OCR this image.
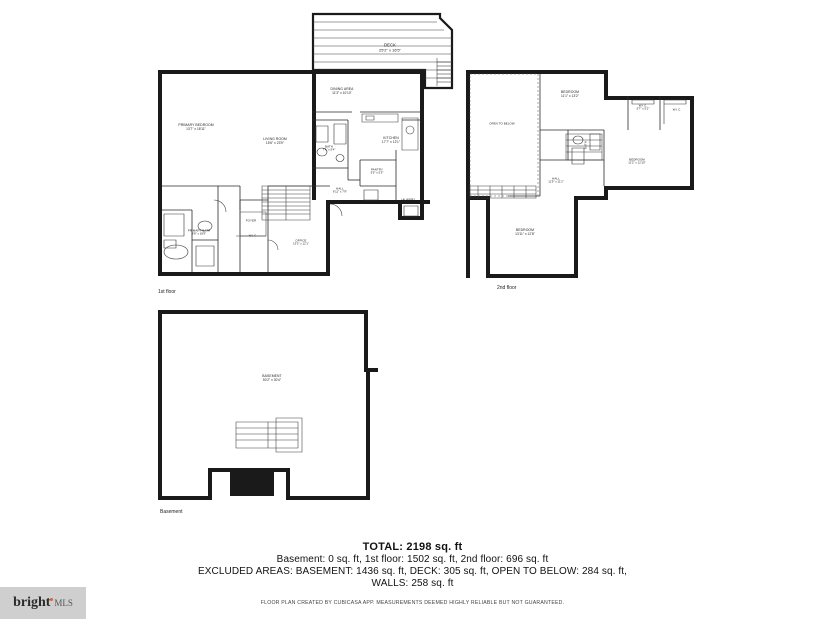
DECK
25'2" x 16'5"
DINING AREA
11'3" x 10'10"
PRIMARY BEDROOM
13'7" x 18'11"
LIVING ROOM
15'6" x 23'9"
KITCHEN
17'7" x 12'1"
BATH
7'4" x 5'4"
PANTRY
5'9" x 5'5"
HALL
6'11" x 7'9"
LAUNDRY
10'4" x 5'5"
PRIMARY BATH
9'8" x 18'9"
FOYER
W.I.C.
OFFICE
13'3" x 12'1"
BEDROOM
11'1" x 13'2"
W.I.C.
5'7" x 5'2"	W.I.C.
OPEN TO BELOW
BATH
BEDROOM
11'2" x 12'10"
HALL
11'9" x 11'2"
BEDROOM
13'11" x 12'8"
BASEMENT
50'2" x 30'4"
1st floor
2nd floor
Basement
TOTAL: 2198 sq. ft
Basement: 0 sq. ft, 1st floor: 1502 sq. ft, 2nd floor: 696 sq. ft
EXCLUDED AREAS: BASEMENT: 1436 sq. ft, DECK: 305 sq. ft, OPEN TO BELOW: 284 sq. ft,
WALLS: 258 sq. ft
FLOOR PLAN CREATED BY CUBICASA APP. MEASUREMENTS DEEMED HIGHLY RELIABLE BUT NOT GUARANTEED.
bright MLS
